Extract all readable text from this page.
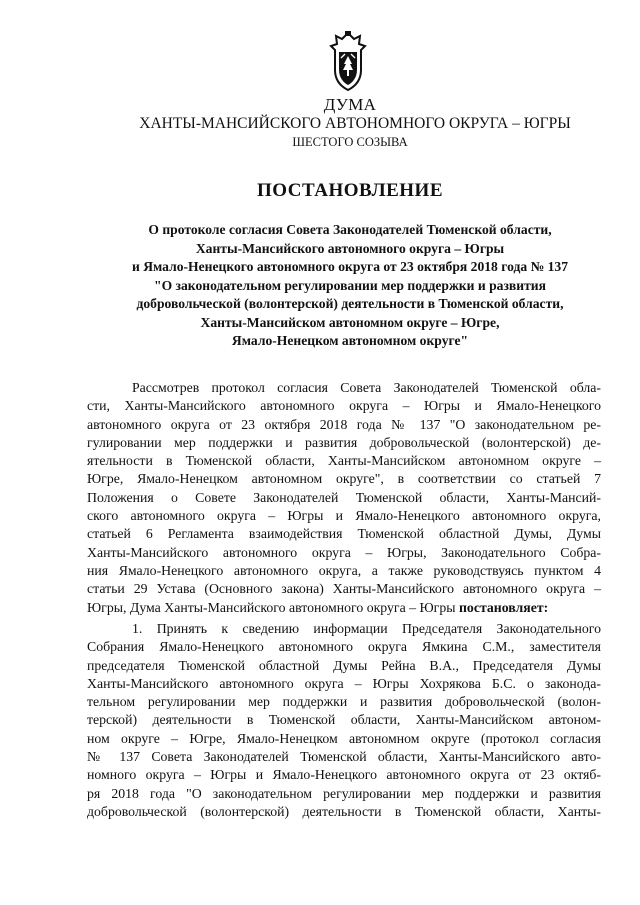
ДУМА
ХАНТЫ-МАНСИЙСКОГО АВТОНОМНОГО ОКРУГА – ЮГРЫ
ШЕСТОГО СОЗЫВА
ПОСТАНОВЛЕНИЕ
О протоколе согласия Совета Законодателей Тюменской области,
Ханты-Мансийского автономного округа – Югры
и Ямало-Ненецкого автономного округа от 23 октября 2018 года № 137
"О законодательном регулировании мер поддержки и развития
добровольческой (волонтерской) деятельности в Тюменской области,
Ханты-Мансийском автономном округе – Югре,
Ямало-Ненецком автономном округе"
Рассмотрев протокол согласия Совета Законодателей Тюменской обла-
сти, Ханты-Мансийского автономного округа – Югры и Ямало-Ненецкого
автономного округа от 23 октября 2018 года № 137 "О законодательном ре-
гулировании мер поддержки и развития добровольческой (волонтерской) де-
ятельности в Тюменской области, Ханты-Мансийском автономном округе –
Югре, Ямало-Ненецком автономном округе", в соответствии со статьей 7
Положения о Совете Законодателей Тюменской области, Ханты-Мансий-
ского автономного округа – Югры и Ямало-Ненецкого автономного округа,
статьей 6 Регламента взаимодействия Тюменской областной Думы, Думы
Ханты-Мансийского автономного округа – Югры, Законодательного Собра-
ния Ямало-Ненецкого автономного округа, а также руководствуясь пунктом 4
статьи 29 Устава (Основного закона) Ханты-Мансийского автономного округа –
Югры, Дума Ханты-Мансийского автономного округа – Югры постановляет:
1. Принять к сведению информации Председателя Законодательного
Собрания Ямало-Ненецкого автономного округа Ямкина С.М., заместителя
председателя Тюменской областной Думы Рейна В.А., Председателя Думы
Ханты-Мансийского автономного округа – Югры Хохрякова Б.С. о законода-
тельном регулировании мер поддержки и развития добровольческой (волон-
терской) деятельности в Тюменской области, Ханты-Мансийском автоном-
ном округе – Югре, Ямало-Ненецком автономном округе (протокол согласия
№ 137 Совета Законодателей Тюменской области, Ханты-Мансийского авто-
номного округа – Югры и Ямало-Ненецкого автономного округа от 23 октяб-
ря 2018 года "О законодательном регулировании мер поддержки и развития
добровольческой (волонтерской) деятельности в Тюменской области, Ханты-
